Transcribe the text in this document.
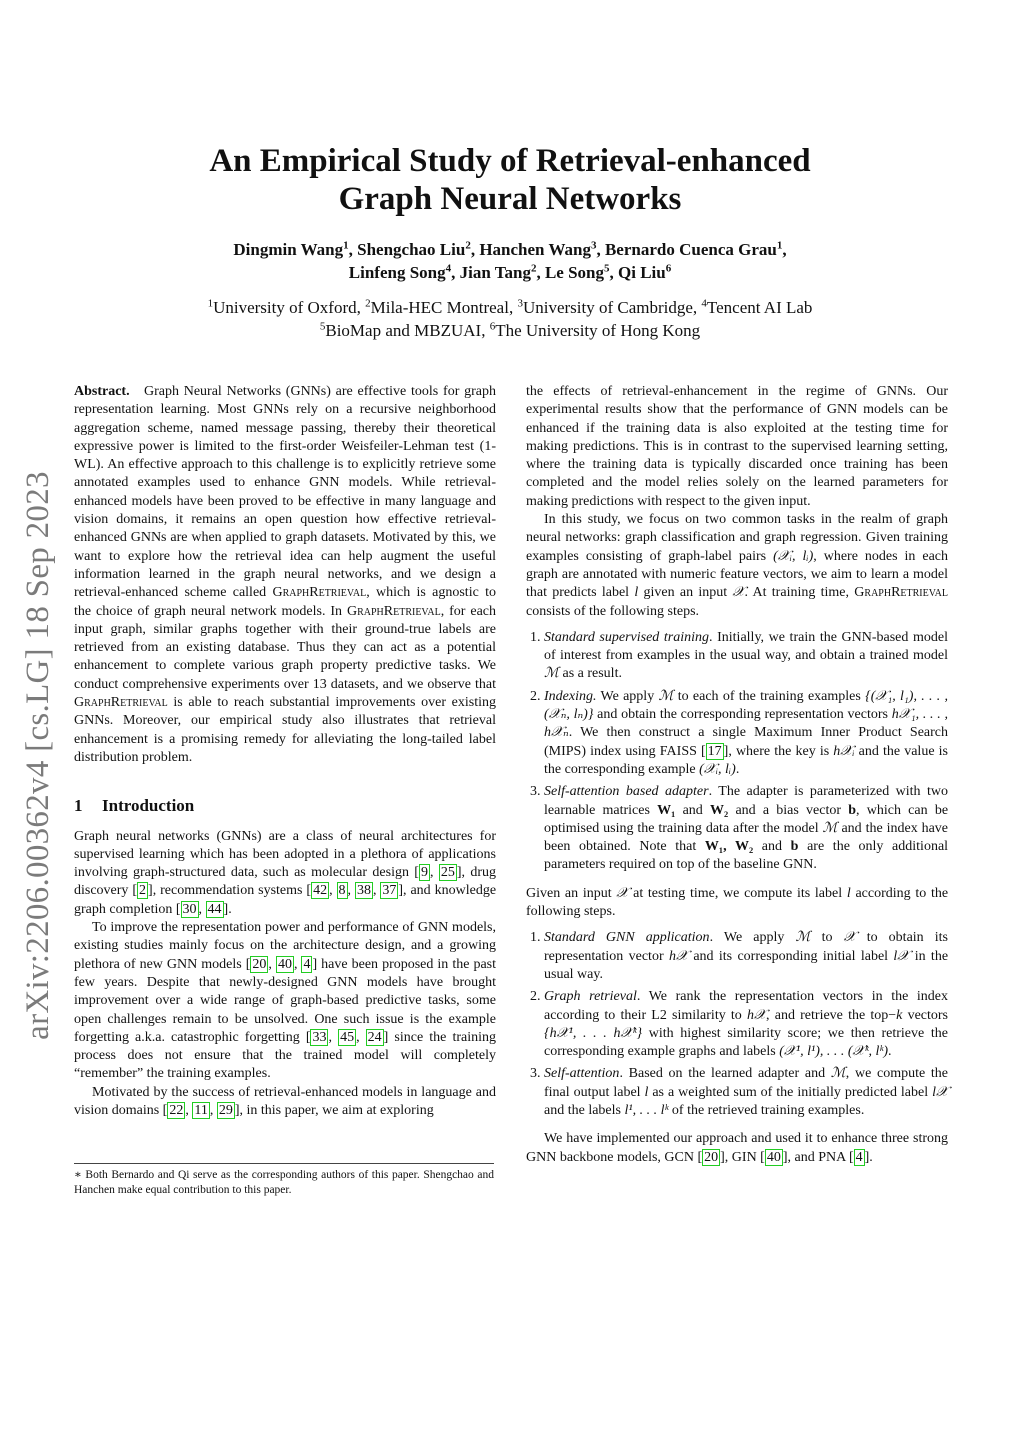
arXiv:2206.00362v4 [cs.LG] 18 Sep 2023
An Empirical Study of Retrieval-enhanced
Graph Neural Networks
Dingmin Wang$^1$, Shengchao Liu$^2$, Hanchen Wang$^3$, Bernardo Cuenca Grau$^1$,
Linfeng Song$^4$, Jian Tang$^2$, Le Song$^5$, Qi Liu$^6$
$^1$University of Oxford, $^2$Mila-HEC Montreal, $^3$University of Cambridge, $^4$Tencent AI Lab
$^5$BioMap and MBZUAI, $^6$The University of Hong Kong

Abstract. Graph Neural Networks (GNNs) are effective tools for graph representation learning. Most GNNs rely on a recursive neighborhood aggregation scheme, named message passing, thereby their theoretical expressive power is limited to the first-order Weisfeiler-Lehman test (1-WL). An effective approach to this challenge is to explicitly retrieve some annotated examples used to enhance GNN models. While retrieval-enhanced models have been proved to be effective in many language and vision domains, it remains an open question how effective retrieval-enhanced GNNs are when applied to graph datasets. Motivated by this, we want to explore how the retrieval idea can help augment the useful information learned in the graph neural networks, and we design a retrieval-enhanced scheme called GraphRetrieval, which is agnostic to the choice of graph neural network models. In GraphRetrieval, for each input graph, similar graphs together with their ground-true labels are retrieved from an existing database. Thus they can act as a potential enhancement to complete various graph property predictive tasks. We conduct comprehensive experiments over 13 datasets, and we observe that GraphRetrieval is able to reach substantial improvements over existing GNNs. Moreover, our empirical study also illustrates that retrieval enhancement is a promising remedy for alleviating the long-tailed label distribution problem.

1 Introduction

Graph neural networks (GNNs) are a class of neural architectures for supervised learning which has been adopted in a plethora of applications involving graph-structured data, such as molecular design [ 9 , 25 ], drug discovery [ 2 ], recommendation systems [ 42 , 8 , 38 , 37 ], and knowledge graph completion [ 30 , 44 ].

To improve the representation power and performance of GNN models, existing studies mainly focus on the architecture design, and a growing plethora of new GNN models [ 20 , 40 , 4 ] have been proposed in the past few years. Despite that newly-designed GNN models have brought improvement over a wide range of graph-based predictive tasks, some open challenges remain to be unsolved. One such issue is the example forgetting a.k.a. catastrophic forgetting [ 33 , 45 , 24 ] since the training process does not ensure that the trained model will completely “remember” the training examples.

Motivated by the success of retrieval-enhanced models in language and vision domains [ 22 , 11 , 29 ], in this paper, we aim at exploring

∗ Both Bernardo and Qi serve as the corresponding authors of this paper. Shengchao and Hanchen make equal contribution to this paper.

the effects of retrieval-enhancement in the regime of GNNs. Our experimental results show that the performance of GNN models can be enhanced if the training data is also exploited at the testing time for making predictions. This is in contrast to the supervised learning setting, where the training data is typically discarded once training has been completed and the model relies solely on the learned parameters for making predictions with respect to the given input.

In this study, we focus on two common tasks in the realm of graph neural networks: graph classification and graph regression. Given training examples consisting of graph-label pairs (𝒳ᵢ, lᵢ), where nodes in each graph are annotated with numeric feature vectors, we aim to learn a model that predicts label l given an input 𝒳. At training time, GraphRetrieval consists of the following steps.

1. Standard supervised training. Initially, we train the GNN-based model of interest from examples in the usual way, and obtain a trained model ℳ as a result.
2. Indexing. We apply ℳ to each of the training examples {(𝒳₁, l₁), . . . , (𝒳ₙ, lₙ)} and obtain the corresponding representation vectors h𝒳₁, . . . , h𝒳ₙ. We then construct a single Maximum Inner Product Search (MIPS) index using FAISS [ 17 ], where the key is h𝒳ᵢ and the value is the corresponding example (𝒳ᵢ, lᵢ).
3. Self-attention based adapter. The adapter is parameterized with two learnable matrices W₁ and W₂ and a bias vector b, which can be optimised using the training data after the model ℳ and the index have been obtained. Note that W₁, W₂ and b are the only additional parameters required on top of the baseline GNN.

Given an input 𝒳 at testing time, we compute its label l according to the following steps.

1. Standard GNN application. We apply ℳ to 𝒳 to obtain its representation vector h𝒳 and its corresponding initial label l𝒳 in the usual way.
2. Graph retrieval. We rank the representation vectors in the index according to their L2 similarity to h𝒳, and retrieve the top−k vectors {h𝒳¹, . . . h𝒳ᵏ} with highest similarity score; we then retrieve the corresponding example graphs and labels (𝒳¹, l¹), . . . (𝒳ᵏ, lᵏ).
3. Self-attention. Based on the learned adapter and ℳ, we compute the final output label l as a weighted sum of the initially predicted label l𝒳 and the labels l¹, . . . lᵏ of the retrieved training examples.

We have implemented our approach and used it to enhance three strong GNN backbone models, GCN [ 20 ], GIN [ 40 ], and PNA [ 4 ].
